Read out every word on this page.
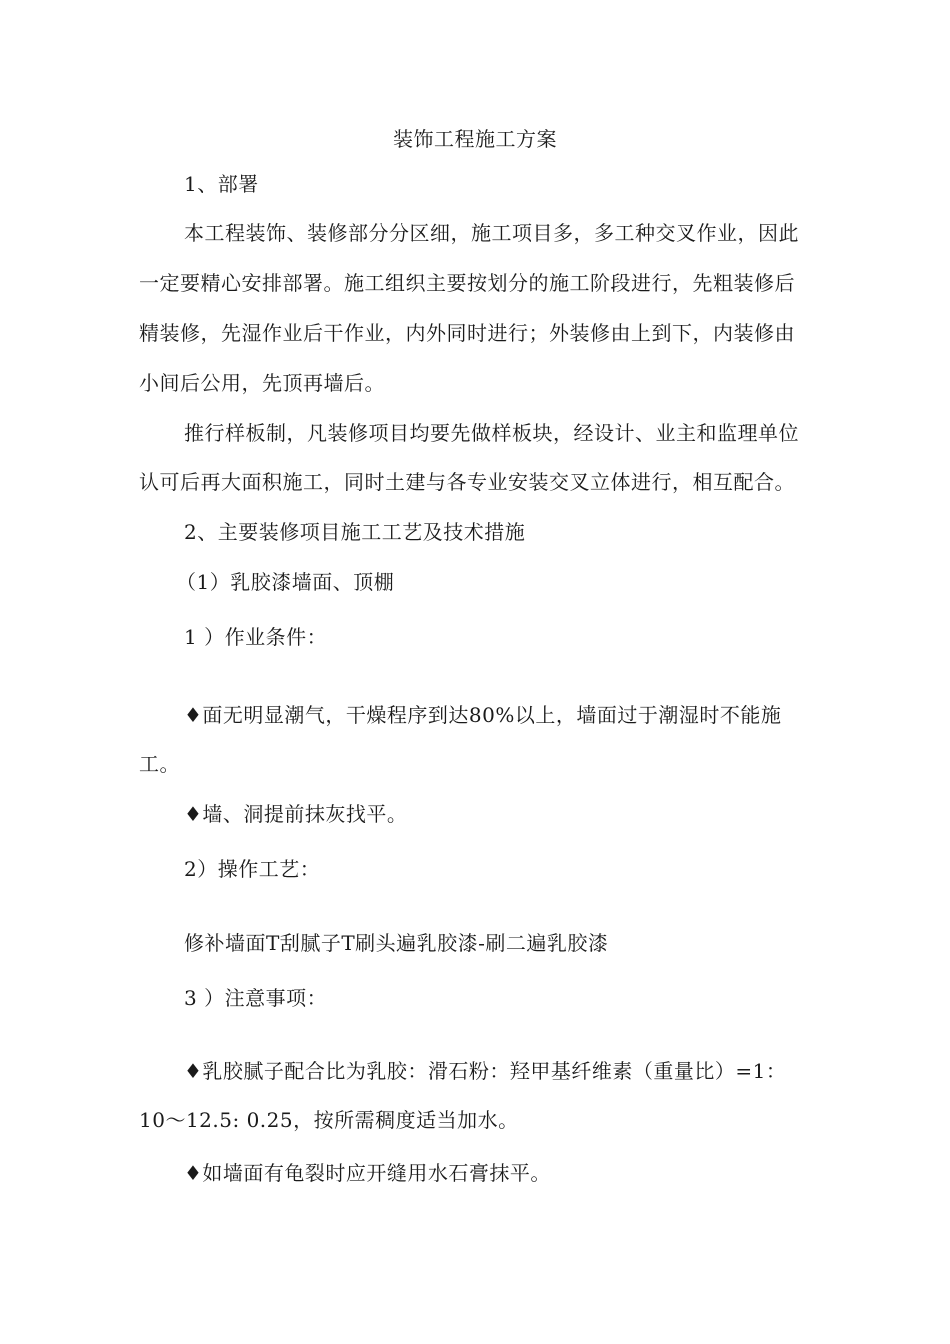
装饰工程施工方案
1、部署
本工程装饰、装修部分分区细，施工项目多，多工种交叉作业，因此
一定要精心安排部署。施工组织主要按划分的施工阶段进行，先粗装修后
精装修，先湿作业后干作业，内外同时进行；外装修由上到下，内装修由
小间后公用，先顶再墙后。
推行样板制，凡装修项目均要先做样板块，经设计、业主和监理单位
认可后再大面积施工，同时土建与各专业安装交叉立体进行，相互配合。
2、主要装修项目施工工艺及技术措施
（1）乳胶漆墙面、顶棚
1 ）作业条件：
♦面无明显潮气，干燥程序到达80%以上，墙面过于潮湿时不能施
工。
♦墙、洞提前抹灰找平。
2）操作工艺：
修补墙面T刮腻子T刷头遍乳胶漆-刷二遍乳胶漆
3 ）注意事项：
♦乳胶腻子配合比为乳胶：滑石粉：羟甲基纤维素（重量比）=1：
10〜12.5: 0.25，按所需稠度适当加水。
♦如墙面有龟裂时应开缝用水石膏抹平。
